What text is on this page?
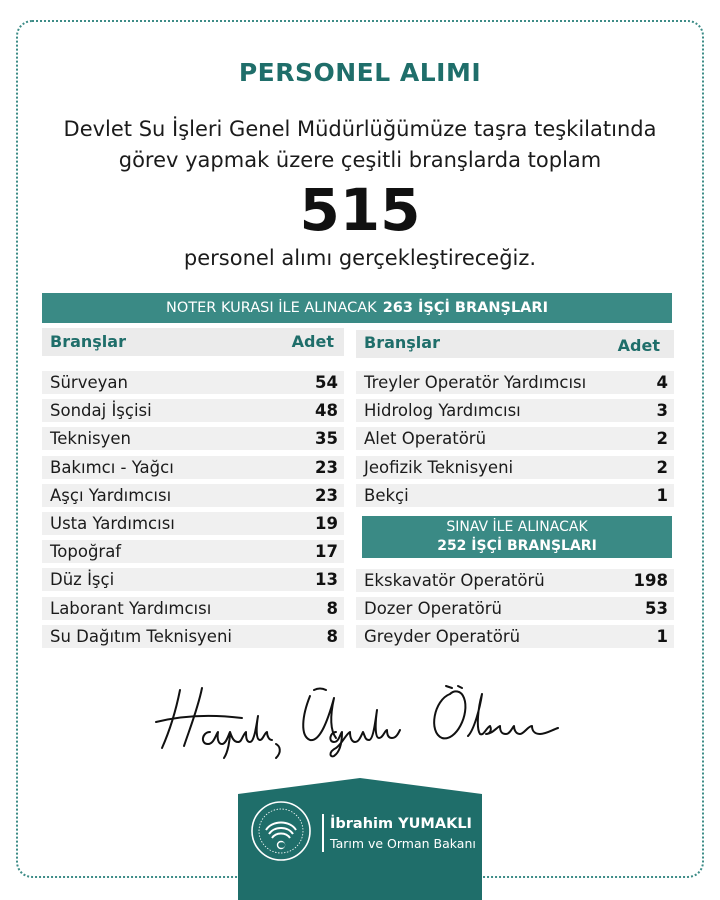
PERSONEL ALIMI
Devlet Su İşleri Genel Müdürlüğümüze taşra teşkilatında
görev yapmak üzere çeşitli branşlarda toplam
515
personel alımı gerçekleştireceğiz.
NOTER KURASI İLE ALINACAK 263 İŞÇİ BRANŞLARI
Branşlar	Adet Branşlar	Adet
Sürveyan	54
Sondaj İşçisi	48
Teknisyen	35
Bakımcı - Yağcı	23
Aşçı Yardımcısı	23
Usta Yardımcısı	19
Topoğraf	17
Düz İşçi	13
Laborant Yardımcısı	8
Su Dağıtım Teknisyeni	8
Treyler Operatör Yardımcısı	4
Hidrolog Yardımcısı	3
Alet Operatörü	2
Jeofizik Teknisyeni	2
Bekçi	1
SINAV İLE ALINACAK
252 İŞÇİ BRANŞLARI
Ekskavatör Operatörü	198
Dozer Operatörü	53
Greyder Operatörü	1
İbrahim YUMAKLI
Tarım ve Orman Bakanı
